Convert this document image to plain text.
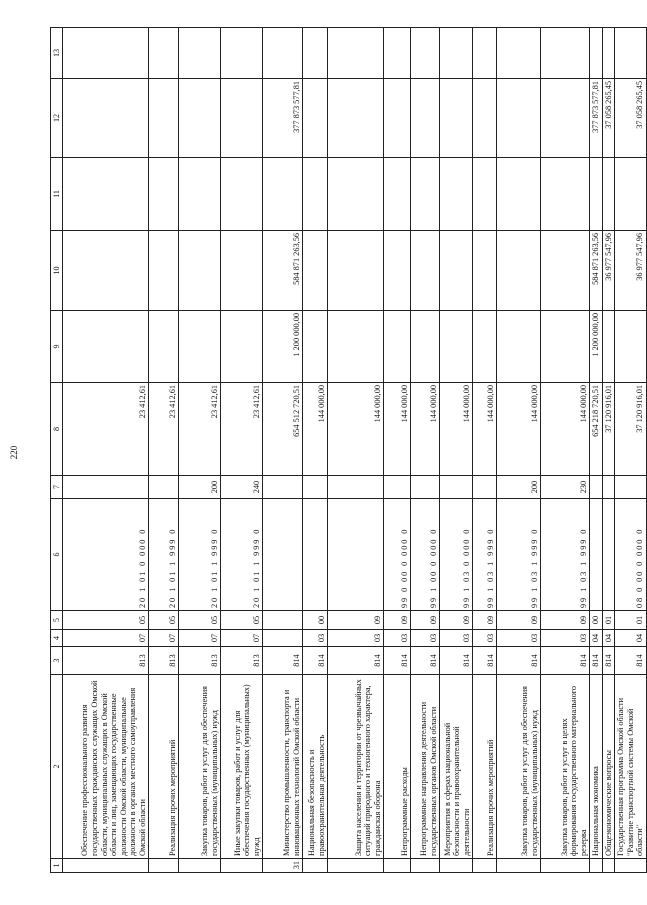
220
1	2	3	4	5	6	7	8	9	10	11	12	13
	Обеспечение профессионального развития государственных гражданских служащих Омской области, муниципальных служащих в Омской области и лиц, замещающих государственные должности Омской области, муниципальные должности в органах местного самоуправления Омской области	813	07	05	20 1 01 0 000 0		23 412,61					
	Реализация прочих мероприятий	813	07	05	20 1 01 1 999 0		23 412,61					
	Закупка товаров, работ и услуг для обеспечения государственных (муниципальных) нужд	813	07	05	20 1 01 1 999 0	200	23 412,61					
	Иные закупки товаров, работ и услуг для обеспечения государственных (муниципальных) нужд	813	07	05	20 1 01 1 999 0	240	23 412,61					
31	Министерство промышленности, транспорта и инновационных технологий Омской области	814					654 512 720,51	1 200 000,00	584 871 263,56		377 873 577,81	
	Национальная безопасность и правоохранительная деятельность	814	03	00			144 000,00					
	Защита населения и территории от чрезвычайных ситуаций природного и техногенного характера, гражданская оборона	814	03	09			144 000,00					
	Непрограммные расходы	814	03	09	99 0 00 0 000 0		144 000,00					
	Непрограммные направления деятельности государственных органов Омской области	814	03	09	99 1 00 0 000 0		144 000,00					
	Мероприятия в сферах национальной безопасности и правоохранительной деятельности	814	03	09	99 1 03 0 000 0		144 000,00					
	Реализация прочих мероприятий	814	03	09	99 1 03 1 999 0		144 000,00					
	Закупка товаров, работ и услуг для обеспечения государственных (муниципальных) нужд	814	03	09	99 1 03 1 999 0	200	144 000,00					
	Закупка товаров, работ и услуг в целях формирования государственного материального резерва	814	03	09	99 1 03 1 999 0	230	144 000,00					
	Национальная экономика	814	04	00			654 218 720,51	1 200 000,00	584 871 263,56		377 873 577,81	
	Общеэкономические вопросы	814	04	01			37 120 916,01		36 977 547,96		37 058 265,45	
	Государственная программа Омской области "Развитие транспортной системы Омской области"	814	04	01	08 0 00 0 000 0		37 120 916,01		36 977 547,96		37 058 265,45	
